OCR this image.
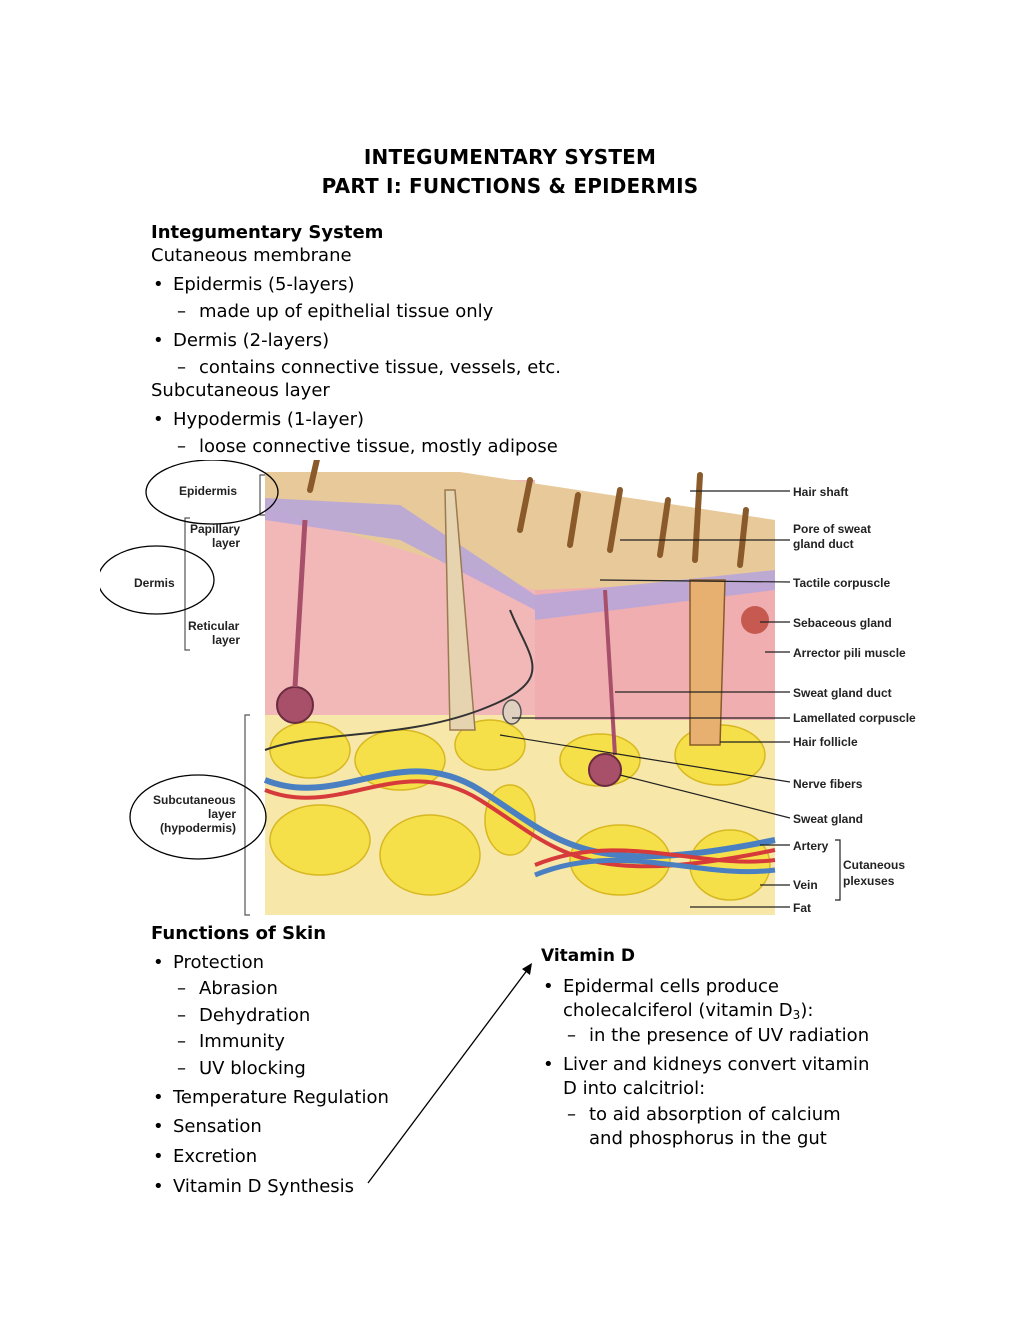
INTEGUMENTARY SYSTEM
PART I: FUNCTIONS & EPIDERMIS
Integumentary System
Cutaneous membrane
• Epidermis (5-layers)
– made up of epithelial tissue only
• Dermis (2-layers)
– contains connective tissue, vessels, etc.
Subcutaneous layer
• Hypodermis (1-layer)
– loose connective tissue, mostly adipose
Epidermis
Papillary
layer
Dermis
Reticular
layer
Subcutaneous
layer
(hypodermis)
Hair shaft
Pore of sweat
gland duct
Tactile corpuscle
Sebaceous gland
Arrector pili muscle
Sweat gland duct
Lamellated corpuscle
Hair follicle
Nerve fibers
Sweat gland
Artery
Cutaneous
plexuses
Vein
Fat
Functions of Skin
• Protection
– Abrasion
– Dehydration
– Immunity
– UV blocking
• Temperature Regulation
• Sensation
• Excretion
• Vitamin D Synthesis
Vitamin D
• Epidermal cells produce
cholecalciferol (vitamin $D_3$):
– in the presence of UV radiation
• Liver and kidneys convert vitamin
D into calcitriol:
– to aid absorption of calcium
and phosphorus in the gut
